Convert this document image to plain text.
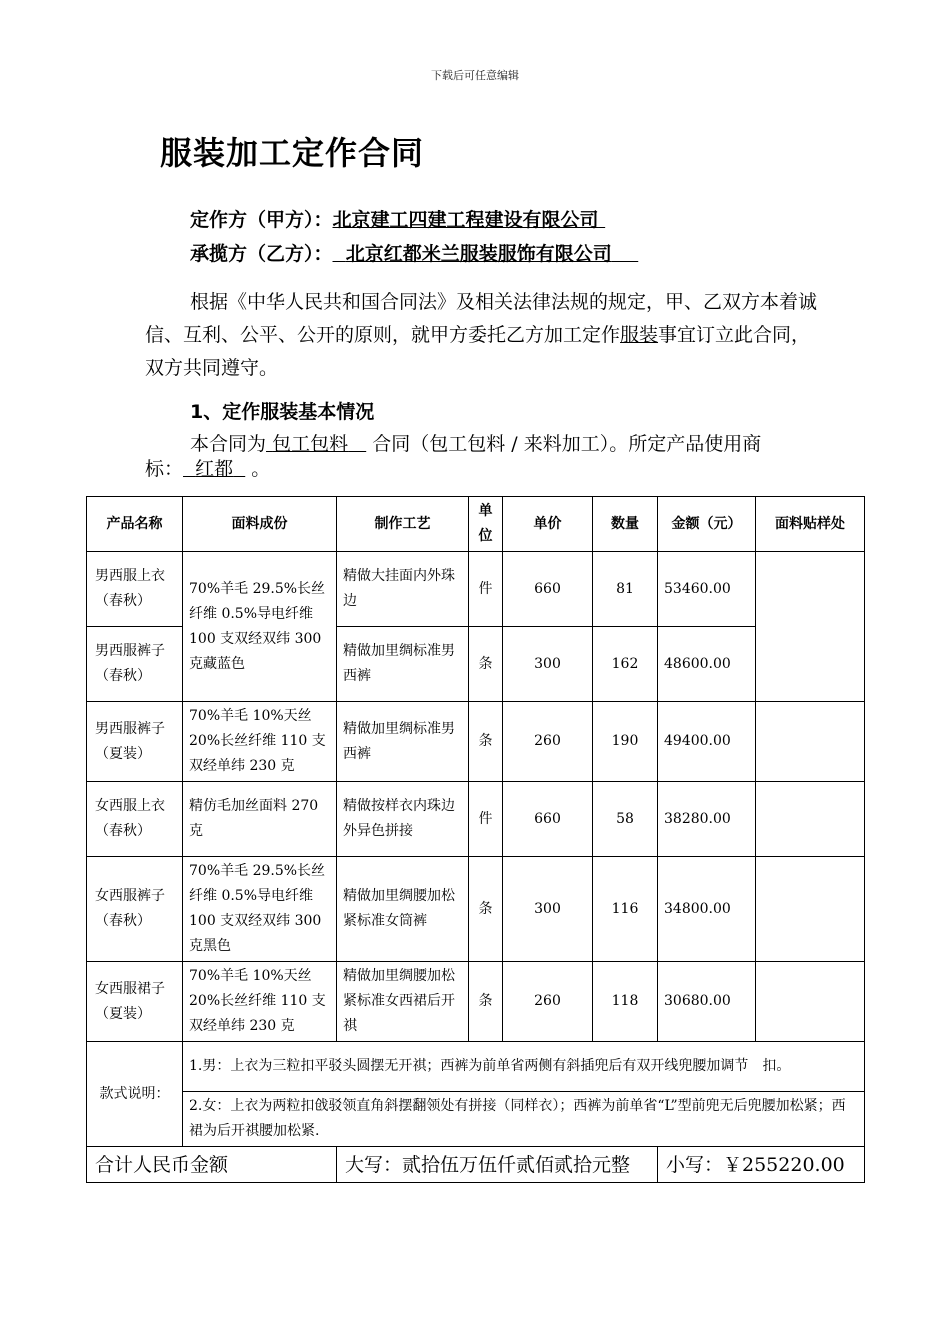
下载后可任意编辑
服装加工定作合同
定作方（甲方）：北京建工四建工程建设有限公司
承揽方（乙方）： 北京红都米兰服装服饰有限公司
根据《中华人民共和国合同法》及相关法律法规的规定，甲、乙双方本着诚信、互利、公平、公开的原则，就甲方委托乙方加工定作服装事宜订立此合同，双方共同遵守。
1、定作服装基本情况
本合同为 包工包料 合同（包工包料 / 来料加工）。所定产品使用商标： 红都 。
产品名称	面料成份	制作工艺	单位	单价	数量	金额（元）	面料贴样处
男西服上衣（春秋）	70%羊毛 29.5%长丝纤维 0.5%导电纤维 100 支双经双纬 300 克藏蓝色	精做大挂面内外珠边	件	660	81	53460.00	
男西服裤子（春秋）		精做加里绸标准男西裤	条	300	162	48600.00	
男西服裤子（夏装）	70%羊毛 10%天丝 20%长丝纤维 110 支双经单纬 230 克	精做加里绸标准男西裤	条	260	190	49400.00	
女西服上衣（春秋）	精仿毛加丝面料 270 克	精做按样衣内珠边外异色拼接	件	660	58	38280.00	
女西服裤子（春秋）	70%羊毛 29.5%长丝纤维 0.5%导电纤维 100 支双经双纬 300 克黑色	精做加里绸腰加松紧标准女筒裤	条	300	116	34800.00	
女西服裙子（夏装）	70%羊毛 10%天丝 20%长丝纤维 110 支双经单纬 230 克	精做加里绸腰加松紧标准女西裙后开祺	条	260	118	30680.00	
款式说明：	1.男：上衣为三粒扣平驳头圆摆无开祺；西裤为前单省两侧有斜插兜后有双开线兜腰加调节　扣。						
	2.女：上衣为两粒扣戗驳领直角斜摆翻领处有拼接（同样衣）；西裤为前单省“L”型前兜无后兜腰加松紧；西裙为后开祺腰加松紧.						
合计人民币金额		大写：贰拾伍万伍仟贰佰贰拾元整				小写：￥255220.00	
